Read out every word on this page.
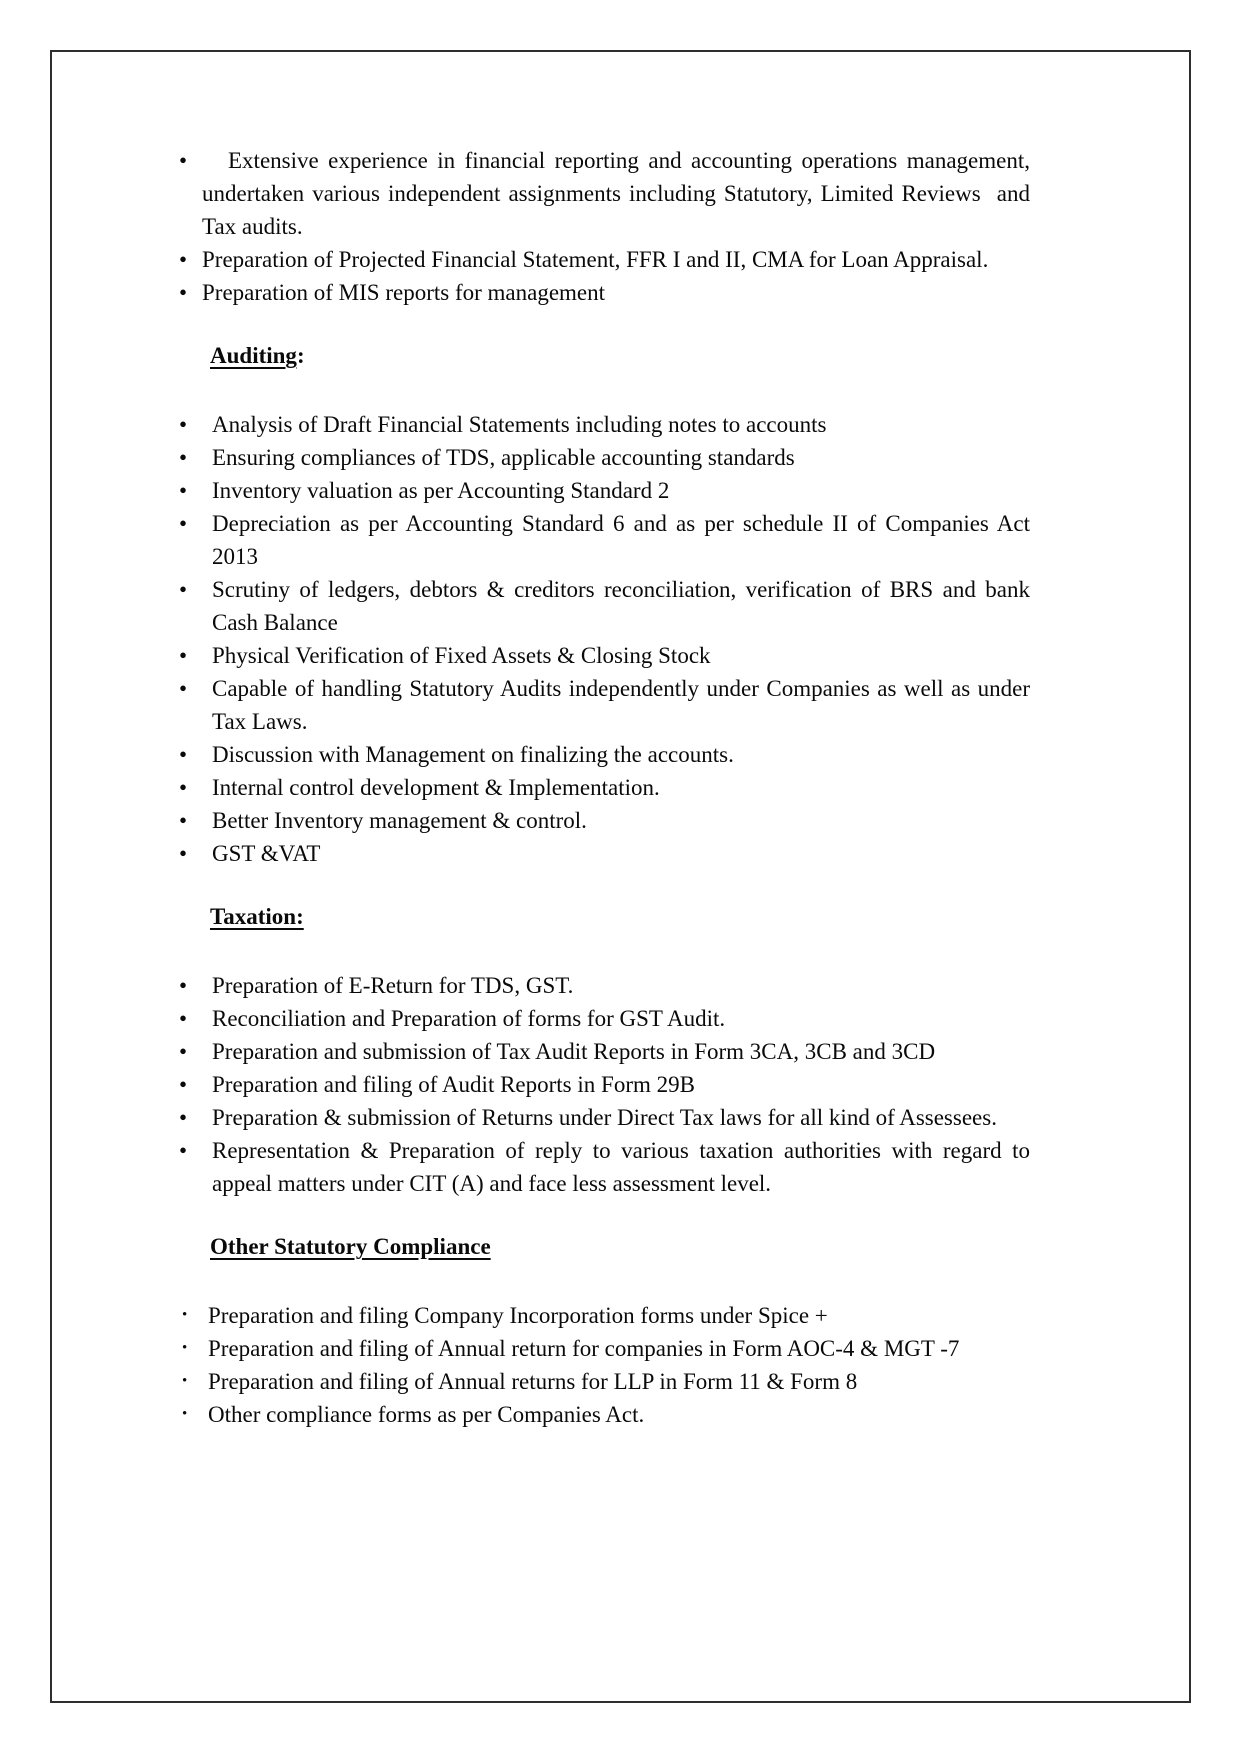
•
Extensive experience in financial reporting and accounting operations management, undertaken various independent assignments including Statutory, Limited Reviews  and Tax audits.
•
Preparation of Projected Financial Statement, FFR I and II, CMA for Loan Appraisal.
•
Preparation of MIS reports for management
Auditing:
•
Analysis of Draft Financial Statements including notes to accounts
•
Ensuring compliances of TDS, applicable accounting standards
•
Inventory valuation as per Accounting Standard 2
•
Depreciation as per Accounting Standard 6 and as per schedule II of Companies Act 2013
•
Scrutiny of ledgers, debtors & creditors reconciliation, verification of BRS and bank Cash Balance
•
Physical Verification of Fixed Assets & Closing Stock
•
Capable of handling Statutory Audits independently under Companies as well as under Tax Laws.
•
Discussion with Management on finalizing the accounts.
•
Internal control development & Implementation.
•
Better Inventory management & control.
•
GST &VAT
Taxation:
•
Preparation of E-Return for TDS, GST.
•
Reconciliation and Preparation of forms for GST Audit.
•
Preparation and submission of Tax Audit Reports in Form 3CA, 3CB and 3CD
•
Preparation and filing of Audit Reports in Form 29B
•
Preparation & submission of Returns under Direct Tax laws for all kind of Assessees.
•
Representation & Preparation of reply to various taxation authorities with regard to appeal matters under CIT (A) and face less assessment level.
Other Statutory Compliance
•
Preparation and filing Company Incorporation forms under Spice +
•
Preparation and filing of Annual return for companies in Form AOC-4 & MGT -7
•
Preparation and filing of Annual returns for LLP in Form 11 & Form 8
•
Other compliance forms as per Companies Act.
